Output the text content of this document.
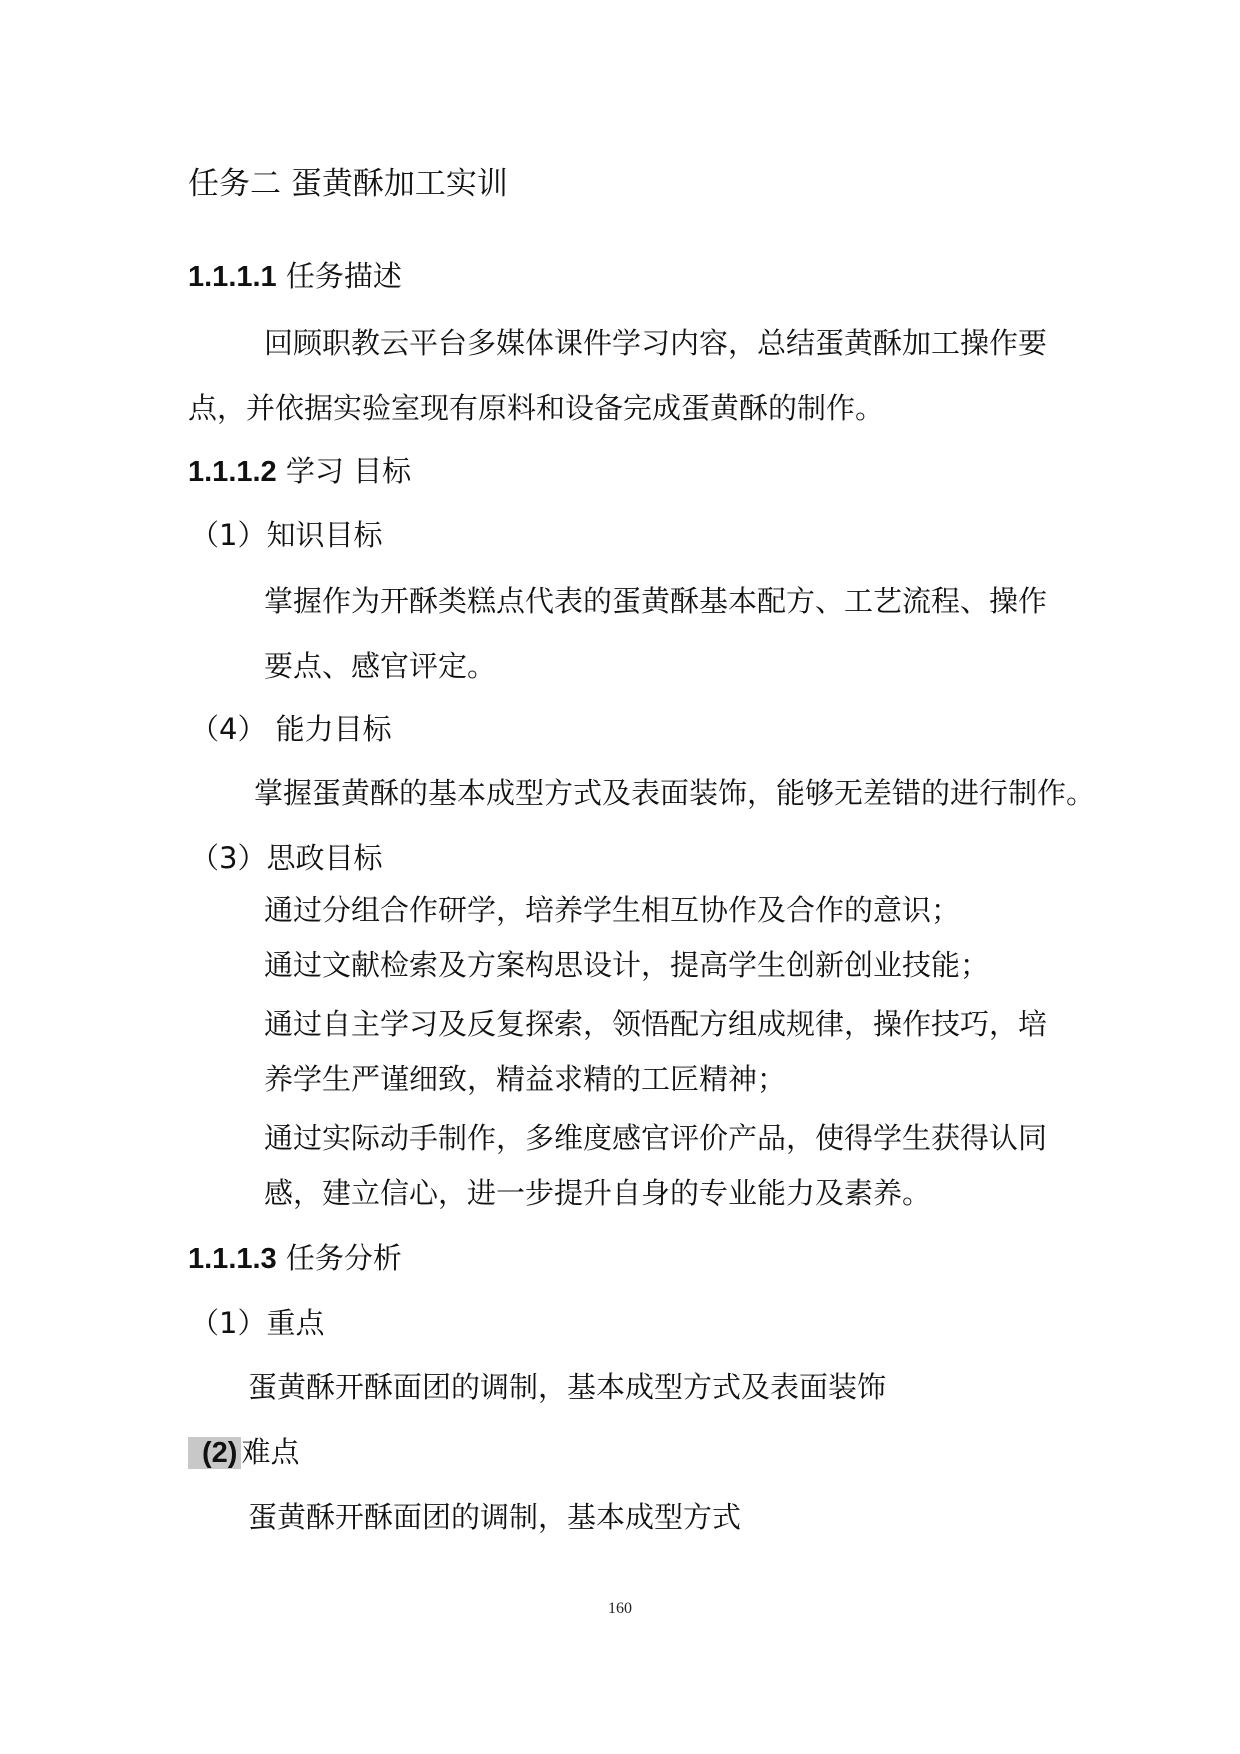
任务二 蛋黄酥加工实训
1.1.1.1 任务描述
回顾职教云平台多媒体课件学习内容，总结蛋黄酥加工操作要
点，并依据实验室现有原料和设备完成蛋黄酥的制作。
1.1.1.2 学习 目标
（1）知识目标
掌握作为开酥类糕点代表的蛋黄酥基本配方、工艺流程、操作
要点、感官评定。
（4） 能力目标
掌握蛋黄酥的基本成型方式及表面装饰，能够无差错的进行制作。
（3）思政目标
通过分组合作研学，培养学生相互协作及合作的意识；
通过文献检索及方案构思设计，提高学生创新创业技能；
通过自主学习及反复探索，领悟配方组成规律，操作技巧，培
养学生严谨细致，精益求精的工匠精神；
通过实际动手制作，多维度感官评价产品，使得学生获得认同
感，建立信心，进一步提升自身的专业能力及素养。
1.1.1.3 任务分析
（1）重点
蛋黄酥开酥面团的调制，基本成型方式及表面装饰
(2) 难点
蛋黄酥开酥面团的调制，基本成型方式
160
